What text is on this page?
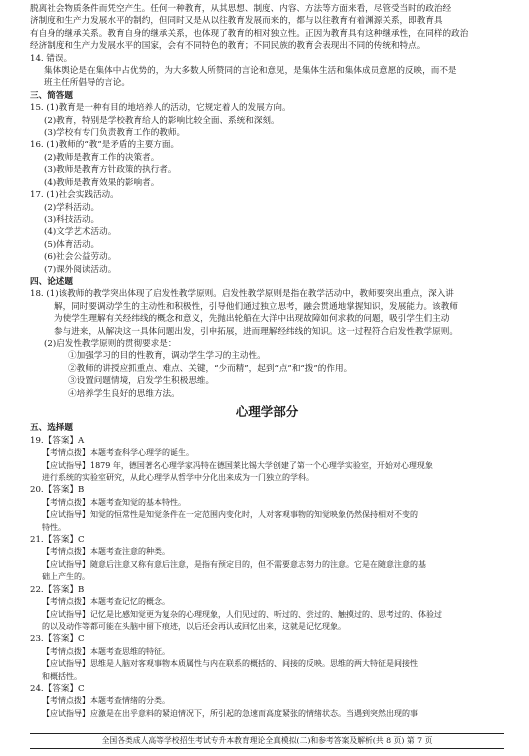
脱离社会物质条件而凭空产生。任何一种教育，从其思想、制度、内容、方法等方面来看，尽管受当时的政治经

济制度和生产力发展水平的制约，但同时又是从以往教育发展而来的，都与以往教育有着渊源关系，即教育具

有自身的继承关系。教育自身的继承关系，也体现了教育的相对独立性。正因为教育具有这种继承性，在同样的政治

经济制度和生产力发展水平的国家，会有不同特色的教育；不同民族的教育会表现出不同的传统和特点。

14. 错误。

集体舆论是在集体中占优势的，为大多数人所赞同的言论和意见，是集体生活和集体成员意愿的反映，而不是

班主任所倡导的言论。

三、简答题

15. (1)教育是一种有目的地培养人的活动，它规定着人的发展方向。

(2)教育，特别是学校教育给人的影响比较全面、系统和深刻。

(3)学校有专门负责教育工作的教师。

16. (1)教师的“教”是矛盾的主要方面。

(2)教师是教育工作的决策者。

(3)教师是教育方针政策的执行者。

(4)教师是教育效果的影响者。

17. (1)社会实践活动。

(2)学科活动。

(3)科技活动。

(4)文学艺术活动。

(5)体育活动。

(6)社会公益劳动。

(7)课外阅读活动。

四、论述题

18. (1)该教师的教学突出体现了启发性教学原则。启发性教学原则是指在教学活动中，教师要突出重点，深入讲

解，同时要调动学生的主动性和积极性，引导他们通过独立思考，融会贯通地掌握知识，发展能力。该教师

为使学生理解有关经纬线的概念和意义，先抛出轮船在大洋中出现故障如何求救的问题，吸引学生们主动

参与进来，从解决这一具体问题出发，引申拓展，进而理解经纬线的知识。这一过程符合启发性教学原则。

(2)启发性教学原则的贯彻要求是：

①加强学习的目的性教育，调动学生学习的主动性。

②教师的讲授应抓重点、难点、关键，“少而精”，起到“点”和“拨”的作用。

③设置问题情境，启发学生积极思维。

④培养学生良好的思维方法。

心理学部分

五、选择题

19.【答案】A

【考情点拨】本题考查科学心理学的诞生。

【应试指导】1879 年，德国著名心理学家冯特在德国莱比锡大学创建了第一个心理学实验室，开始对心理现象

进行系统的实验室研究，从此心理学从哲学中分化出来成为一门独立的学科。

20.【答案】B

【考情点拨】本题考查知觉的基本特性。

【应试指导】知觉的恒常性是知觉条件在一定范围内变化时，人对客观事物的知觉映象仍然保持相对不变的

特性。

21.【答案】C

【考情点拨】本题考查注意的种类。

【应试指导】随意后注意又称有意后注意，是指有预定目的，但不需要意志努力的注意。它是在随意注意的基

础上产生的。

22.【答案】B

【考情点拨】本题考查记忆的概念。

【应试指导】记忆是比感知觉更为复杂的心理现象，人们见过的、听过的、尝过的、触摸过的、思考过的、体验过

的以及动作等都可能在头脑中留下痕迹，以后还会再认或回忆出来，这就是记忆现象。

23.【答案】C

【考情点拨】本题考查思维的特征。

【应试指导】思维是人脑对客观事物本质属性与内在联系的概括的、间接的反映。思维的两大特征是间接性

和概括性。

24.【答案】C

【考情点拨】本题考查情绪的分类。

【应试指导】应激是在出乎意料的紧迫情况下，所引起的急速而高度紧张的情绪状态。当遇到突然出现的事

全国各类成人高等学校招生考试专升本教育理论全真模拟(二)和参考答案及解析(共 8 页) 第 7 页
